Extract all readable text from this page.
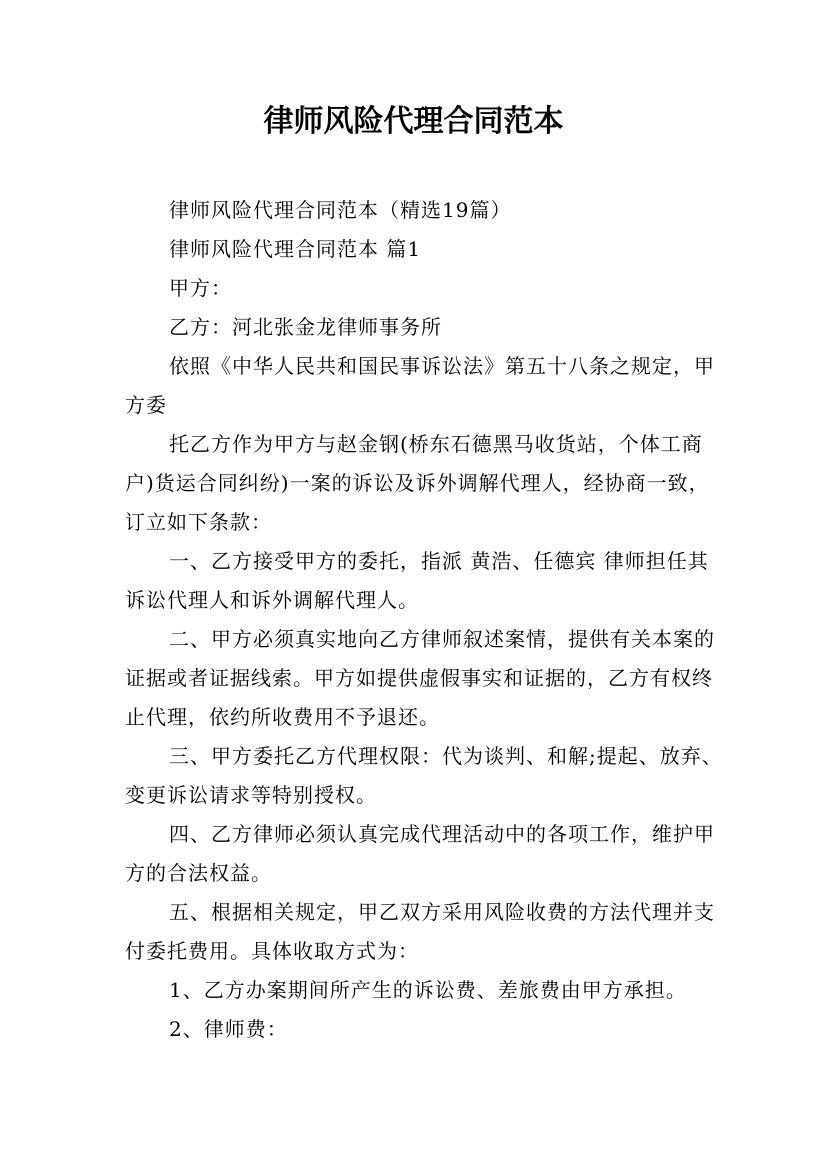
律师风险代理合同范本

律师风险代理合同范本（精选19篇）

律师风险代理合同范本 篇1

甲方：

乙方：河北张金龙律师事务所

依照《中华人民共和国民事诉讼法》第五十八条之规定，甲方委

托乙方作为甲方与赵金钢(桥东石德黑马收货站，个体工商户)货运合同纠纷)一案的诉讼及诉外调解代理人，经协商一致，订立如下条款：

一、乙方接受甲方的委托，指派 黄浩、任德宾 律师担任其诉讼代理人和诉外调解代理人。

二、甲方必须真实地向乙方律师叙述案情，提供有关本案的证据或者证据线索。甲方如提供虚假事实和证据的，乙方有权终止代理，依约所收费用不予退还。

三、甲方委托乙方代理权限：代为谈判、和解;提起、放弃、变更诉讼请求等特别授权。

四、乙方律师必须认真完成代理活动中的各项工作，维护甲方的合法权益。

五、根据相关规定，甲乙双方采用风险收费的方法代理并支付委托费用。具体收取方式为：

1、乙方办案期间所产生的诉讼费、差旅费由甲方承担。

2、律师费：
